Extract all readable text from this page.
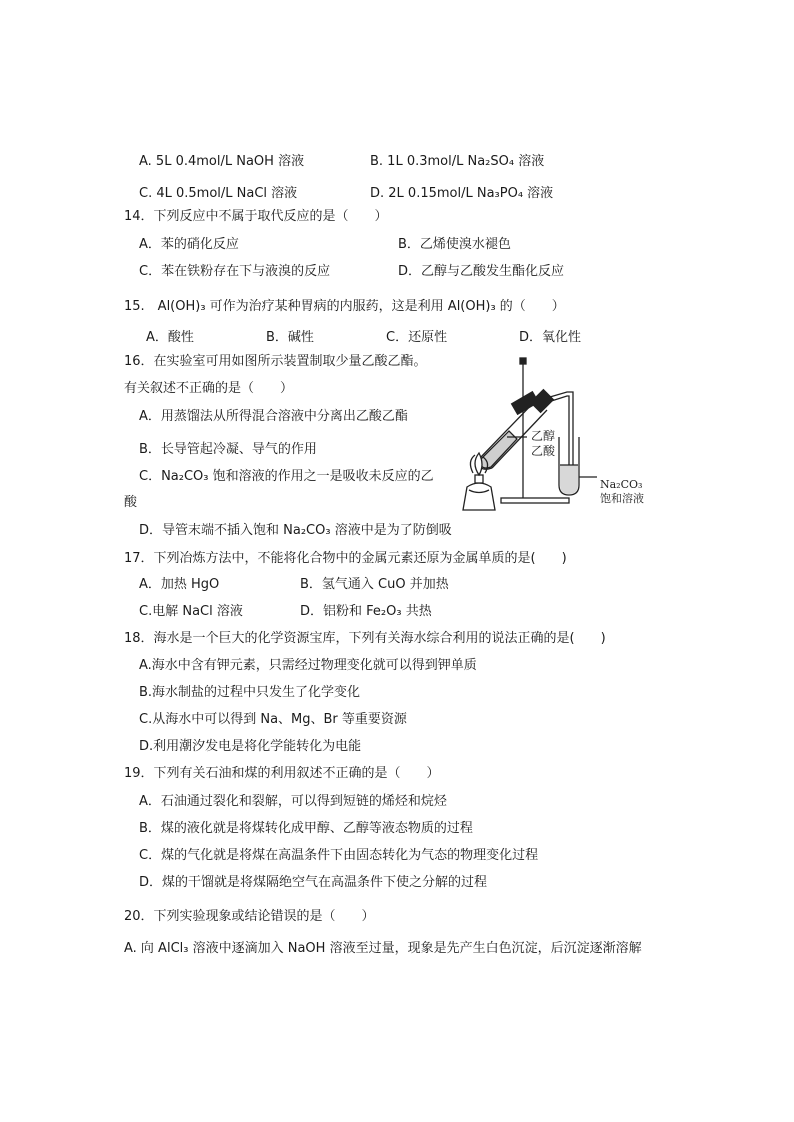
A. 5L 0.4mol/L NaOH 溶液	B. 1L 0.3mol/L Na₂SO₄ 溶液
C. 4L 0.5mol/L NaCl 溶液	D. 2L 0.15mol/L Na₃PO₄ 溶液
14．下列反应中不属于取代反应的是（　　）
A．苯的硝化反应	B．乙烯使溴水褪色
C．苯在铁粉存在下与液溴的反应	D．乙醇与乙酸发生酯化反应
15.　Al(OH)₃ 可作为治疗某种胃病的内服药，这是利用 Al(OH)₃ 的（　　）
A．酸性	B．碱性	C．还原性	D．氧化性
16．在实验室可用如图所示装置制取少量乙酸乙酯。
有关叙述不正确的是（　　）
A．用蒸馏法从所得混合溶液中分离出乙酸乙酯
B．长导管起冷凝、导气的作用
C．Na₂CO₃ 饱和溶液的作用之一是吸收未反应的乙
酸
D．导管末端不插入饱和 Na₂CO₃ 溶液中是为了防倒吸
乙醇
乙酸
Na₂CO₃
饱和溶液
17．下列冶炼方法中，不能将化合物中的金属元素还原为金属单质的是(　　)
A．加热 HgO	B．氢气通入 CuO 并加热
C.电解 NaCl 溶液	D．铝粉和 Fe₂O₃ 共热
18．海水是一个巨大的化学资源宝库，下列有关海水综合利用的说法正确的是(　　)
A.海水中含有钾元素，只需经过物理变化就可以得到钾单质
B.海水制盐的过程中只发生了化学变化
C.从海水中可以得到 Na、Mg、Br 等重要资源
D.利用潮汐发电是将化学能转化为电能
19．下列有关石油和煤的利用叙述不正确的是（　　）
A．石油通过裂化和裂解，可以得到短链的烯烃和烷烃
B．煤的液化就是将煤转化成甲醇、乙醇等液态物质的过程
C．煤的气化就是将煤在高温条件下由固态转化为气态的物理变化过程
D．煤的干馏就是将煤隔绝空气在高温条件下使之分解的过程
20．下列实验现象或结论错误的是（　　）
A. 向 AlCl₃ 溶液中逐滴加入 NaOH 溶液至过量，现象是先产生白色沉淀，后沉淀逐渐溶解
